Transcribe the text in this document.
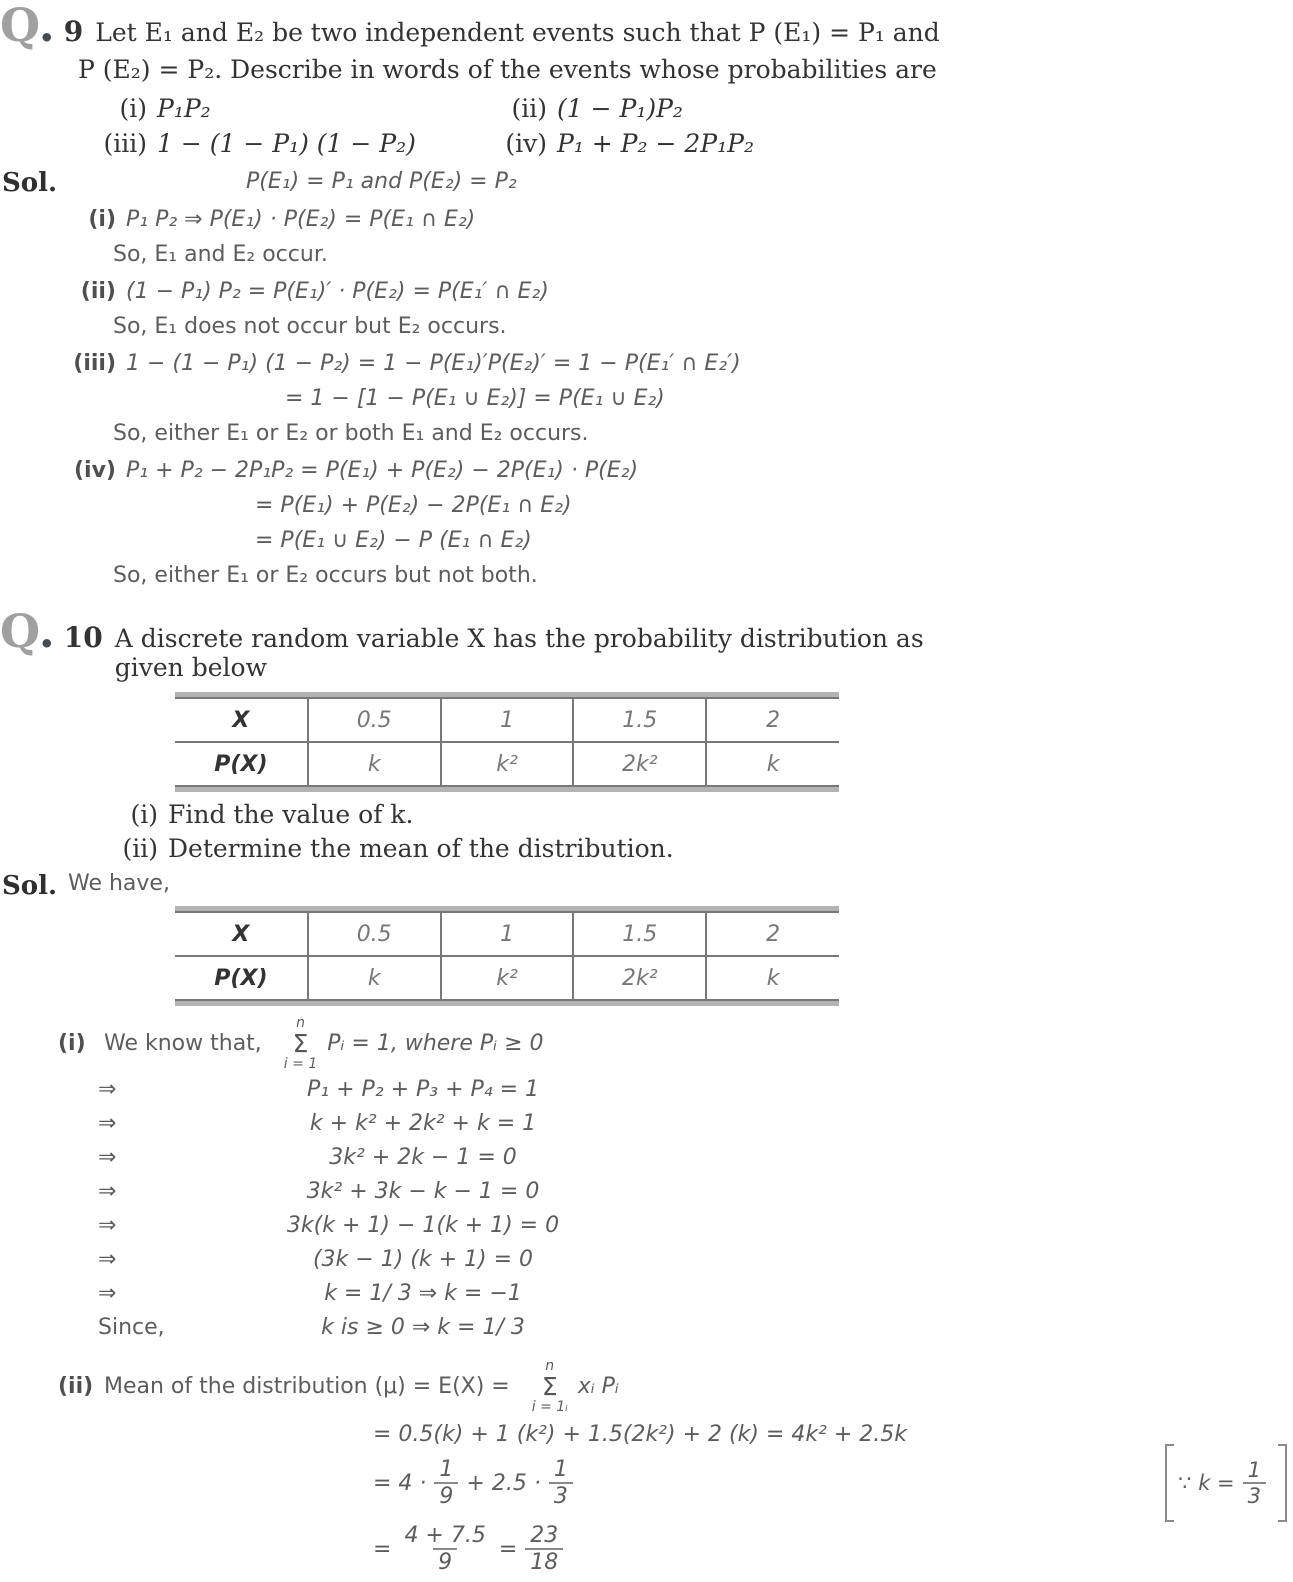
Q. 9 Let E₁ and E₂ be two independent events such that P (E₁) = P₁ and
P (E₂) = P₂. Describe in words of the events whose probabilities are
(i) P₁P₂	(ii) (1 − P₁)P₂
(iii) 1 − (1 − P₁) (1 − P₂)	(iv) P₁ + P₂ − 2P₁P₂
Sol.	P(E₁) = P₁ and P(E₂) = P₂
(i) P₁ P₂ ⇒ P(E₁) · P(E₂) = P(E₁ ∩ E₂)
So, E₁ and E₂ occur.
(ii) (1 − P₁) P₂ = P(E₁)′ · P(E₂) = P(E₁′ ∩ E₂)
So, E₁ does not occur but E₂ occurs.
(iii) 1 − (1 − P₁) (1 − P₂) = 1 − P(E₁)′P(E₂)′ = 1 − P(E₁′ ∩ E₂′)
= 1 − [1 − P(E₁ ∪ E₂)] = P(E₁ ∪ E₂)
So, either E₁ or E₂ or both E₁ and E₂ occurs.
(iv) P₁ + P₂ − 2P₁P₂ = P(E₁) + P(E₂) − 2P(E₁) · P(E₂)
= P(E₁) + P(E₂) − 2P(E₁ ∩ E₂)
= P(E₁ ∪ E₂) − P (E₁ ∩ E₂)
So, either E₁ or E₂ occurs but not both.
Q. 10 A discrete random variable X has the probability distribution as given below
X	0.5	1	1.5	2
P(X)	k	k²	2k²	k
(i) Find the value of k.
(ii) Determine the mean of the distribution.
Sol. We have,
X	0.5	1	1.5	2
P(X)	k	k²	2k²	k
(i) We know that,
n
Σ
i = 1
Pᵢ = 1, where Pᵢ ≥ 0
⇒	P₁ + P₂ + P₃ + P₄ = 1
⇒	k + k² + 2k² + k = 1
⇒	3k² + 2k − 1 = 0
⇒	3k² + 3k − k − 1 = 0
⇒	3k(k + 1) − 1(k + 1) = 0
⇒	(3k − 1) (k + 1) = 0
⇒	k = 1/ 3 ⇒ k = −1
Since,	k is ≥ 0 ⇒ k = 1/ 3
(ii) Mean of the distribution (μ) = E(X) =
n
Σ
i = 1ᵢ
xᵢ Pᵢ
= 0.5(k) + 1 (k²) + 1.5(2k²) + 2 (k) = 4k² + 2.5k
= $4 \cdot \frac{1}{9} + 2.5 \cdot \frac{1}{3}$	∵ $k = \frac{1}{3}$
= $\frac{4 + 7.5}{9} = \frac{23}{18}$
